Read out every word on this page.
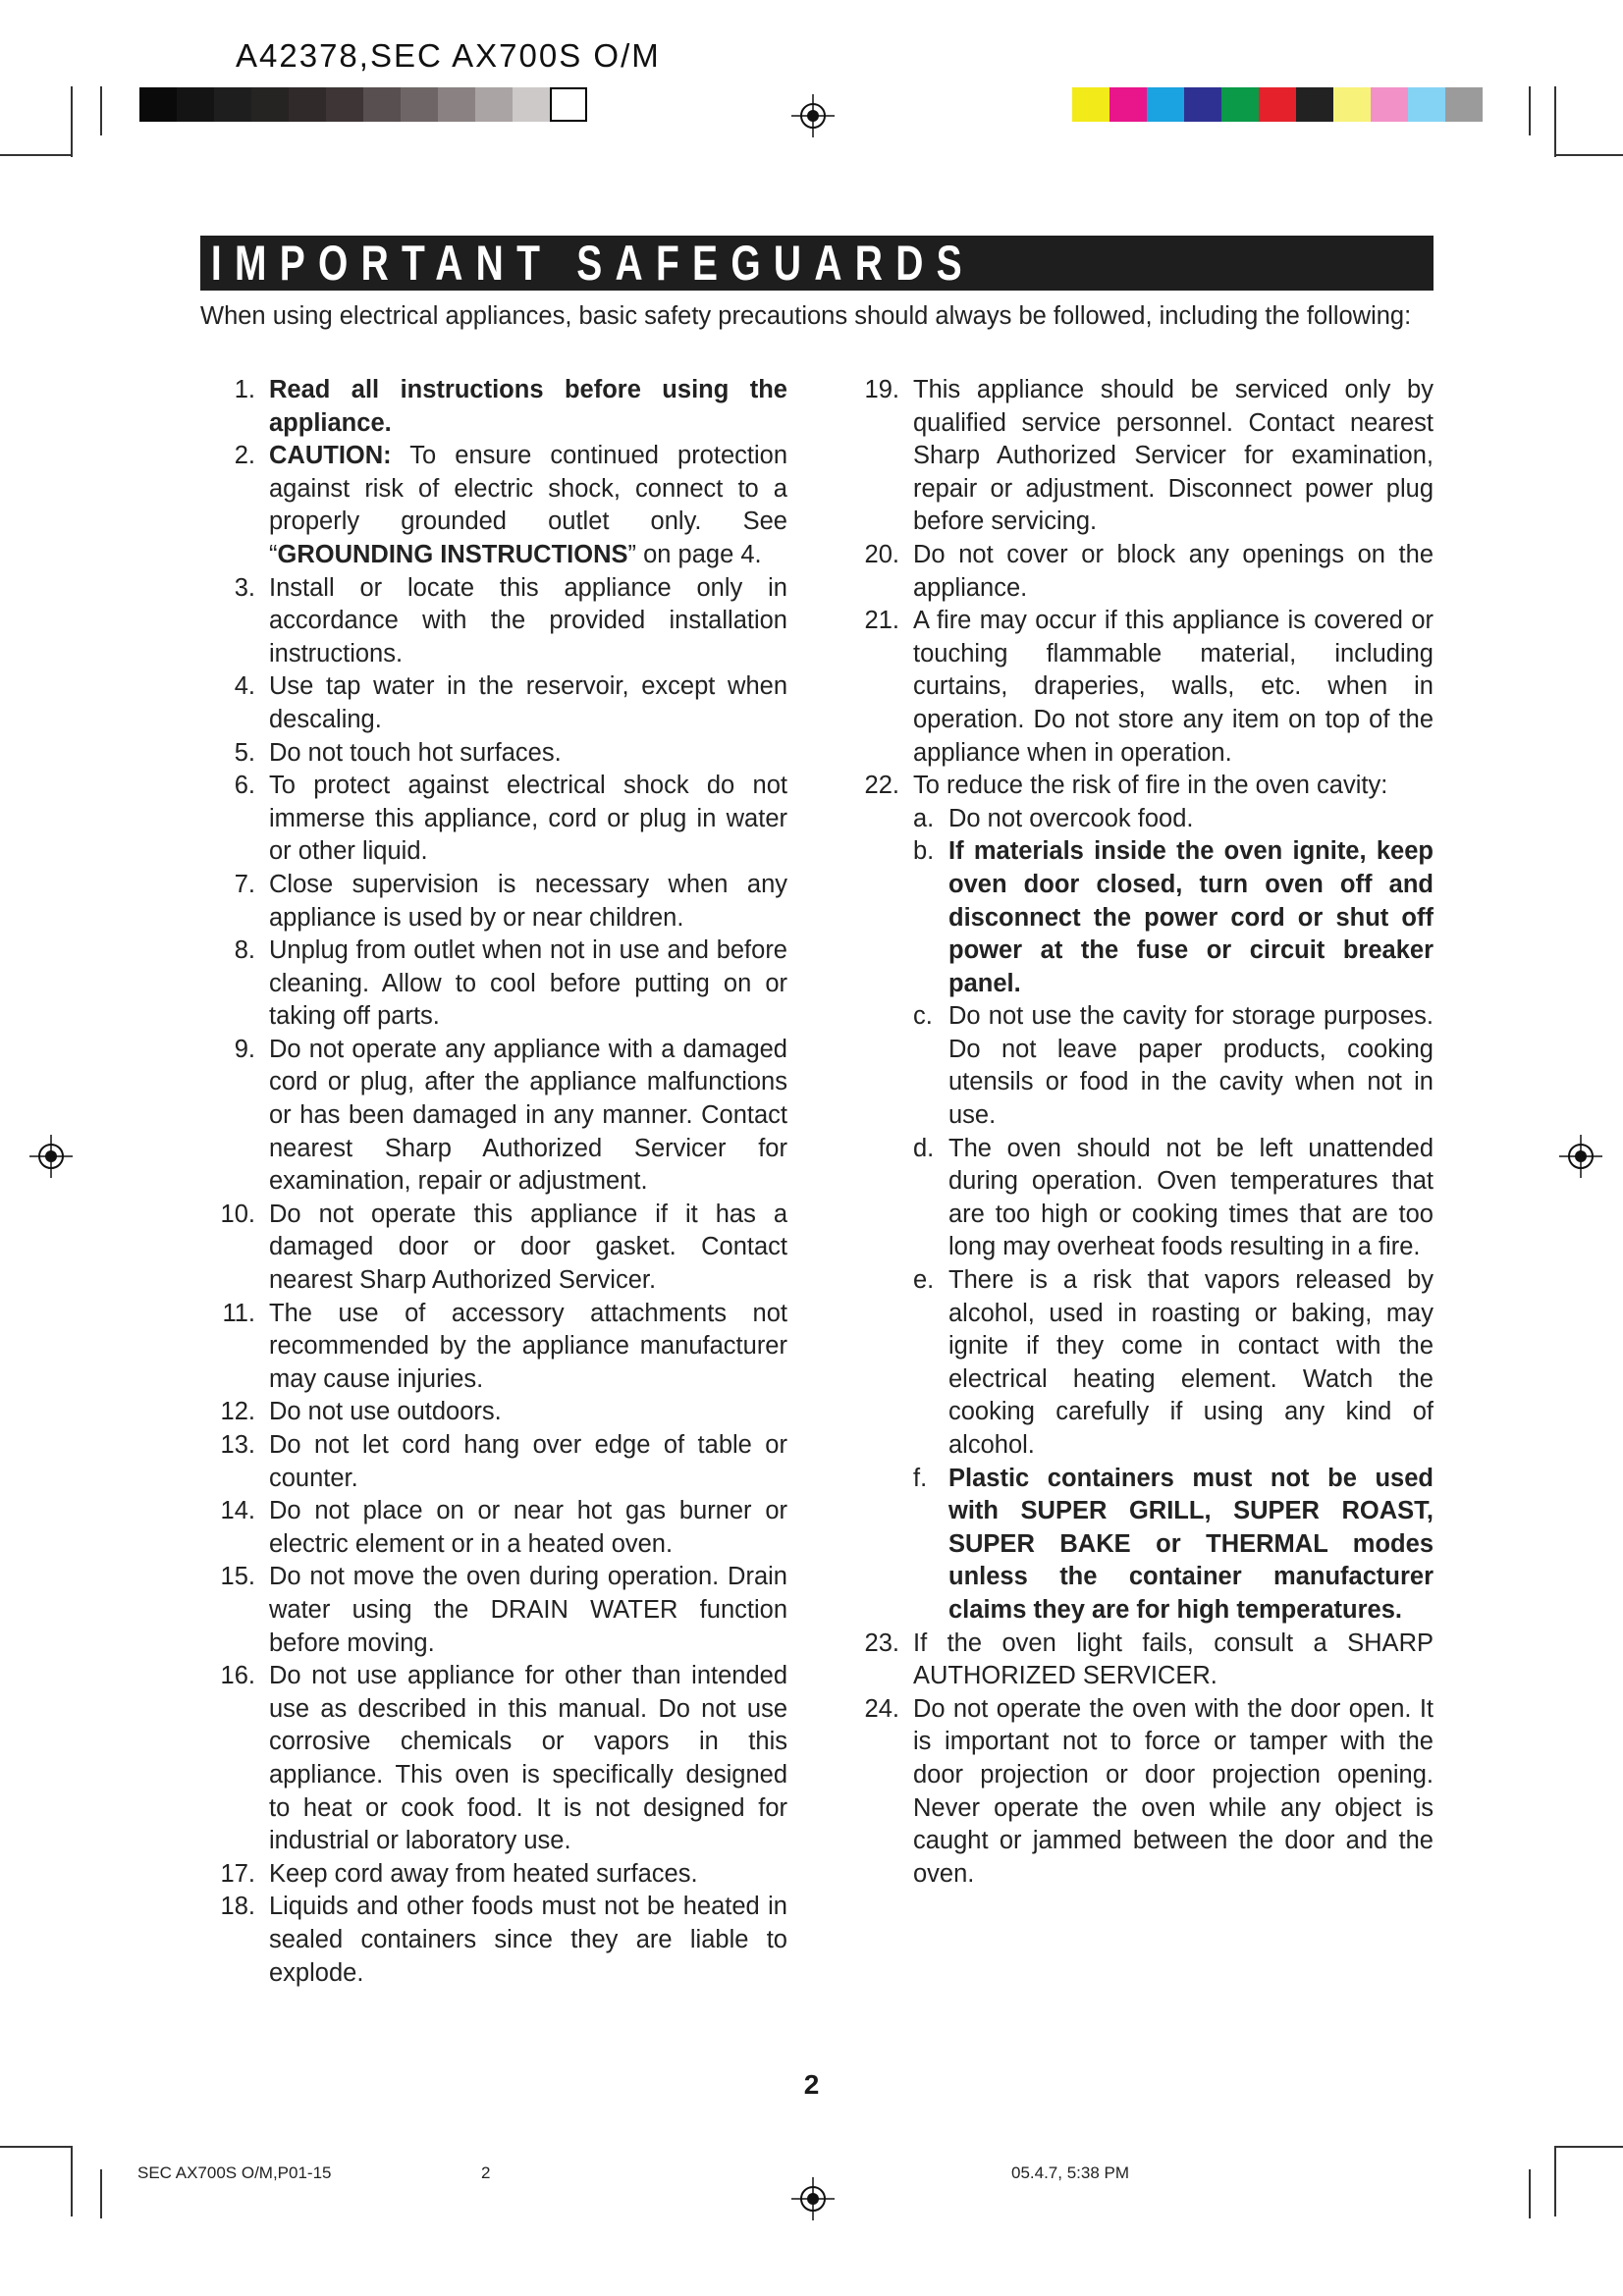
A42378,SEC AX700S O/M
IMPORTANT SAFEGUARDS
When using electrical appliances, basic safety precautions should always be followed, including the following:
1. Read all instructions before using the appliance.
2. CAUTION: To ensure continued protection against risk of electric shock, connect to a properly grounded outlet only. See “GROUNDING INSTRUCTIONS” on page 4.
3. Install or locate this appliance only in accordance with the provided installation instructions.
4. Use tap water in the reservoir, except when descaling.
5. Do not touch hot surfaces.
6. To protect against electrical shock do not immerse this appliance, cord or plug in water or other liquid.
7. Close supervision is necessary when any appliance is used by or near children.
8. Unplug from outlet when not in use and before cleaning. Allow to cool before putting on or taking off parts.
9. Do not operate any appliance with a damaged cord or plug, after the appliance malfunctions or has been damaged in any manner. Contact nearest Sharp Authorized Servicer for examination, repair or adjustment.
10. Do not operate this appliance if it has a damaged door or door gasket. Contact nearest Sharp Authorized Servicer.
11. The use of accessory attachments not recommended by the appliance manufacturer may cause injuries.
12. Do not use outdoors.
13. Do not let cord hang over edge of table or counter.
14. Do not place on or near hot gas burner or electric element or in a heated oven.
15. Do not move the oven during operation. Drain water using the DRAIN WATER function before moving.
16. Do not use appliance for other than intended use as described in this manual. Do not use corrosive chemicals or vapors in this appliance. This oven is specifically designed to heat or cook food. It is not designed for industrial or laboratory use.
17. Keep cord away from heated surfaces.
18. Liquids and other foods must not be heated in sealed containers since they are liable to explode.
19. This appliance should be serviced only by qualified service personnel. Contact nearest Sharp Authorized Servicer for examination, repair or adjustment. Disconnect power plug before servicing.
20. Do not cover or block any openings on the appliance.
21. A fire may occur if this appliance is covered or touching flammable material, including curtains, draperies, walls, etc. when in operation. Do not store any item on top of the appliance when in operation.
22. To reduce the risk of fire in the oven cavity:
a. Do not overcook food.
b. If materials inside the oven ignite, keep oven door closed, turn oven off and disconnect the power cord or shut off power at the fuse or circuit breaker panel.
c. Do not use the cavity for storage purposes. Do not leave paper products, cooking utensils or food in the cavity when not in use.
d. The oven should not be left unattended during operation. Oven temperatures that are too high or cooking times that are too long may overheat foods resulting in a fire.
e. There is a risk that vapors released by alcohol, used in roasting or baking, may ignite if they come in contact with the electrical heating element. Watch the cooking carefully if using any kind of alcohol.
f. Plastic containers must not be used with SUPER GRILL, SUPER ROAST, SUPER BAKE or THERMAL modes unless the container manufacturer claims they are for high temperatures.
23. If the oven light fails, consult a SHARP AUTHORIZED SERVICER.
24. Do not operate the oven with the door open. It is important not to force or tamper with the door projection or door projection opening. Never operate the oven while any object is caught or jammed between the door and the oven.
2
SEC AX700S O/M,P01-15	2	05.4.7, 5:38 PM
